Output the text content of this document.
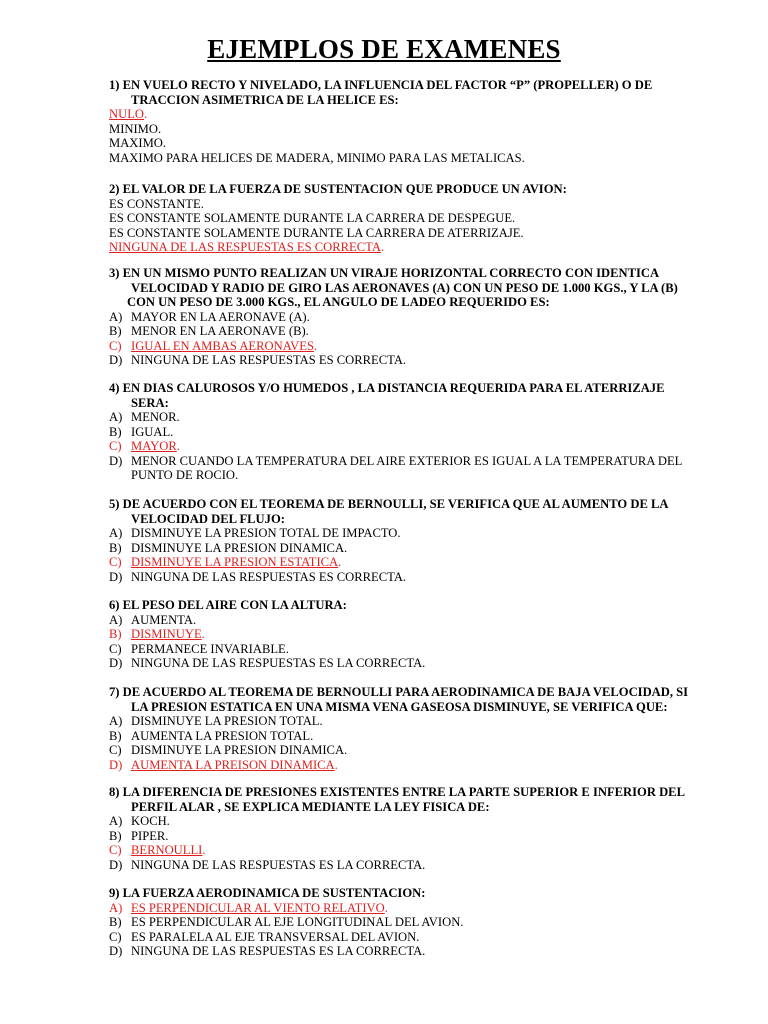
EJEMPLOS DE EXAMENES
1) EN VUELO RECTO Y NIVELADO, LA INFLUENCIA DEL FACTOR “P” (PROPELLER) O DE
TRACCION ASIMETRICA DE LA HELICE ES:
NULO.
MINIMO.
MAXIMO.
MAXIMO PARA HELICES DE MADERA, MINIMO PARA LAS METALICAS.
2) EL VALOR DE LA FUERZA DE SUSTENTACION QUE PRODUCE UN AVION:
ES CONSTANTE.
ES CONSTANTE SOLAMENTE DURANTE LA CARRERA DE DESPEGUE.
ES CONSTANTE SOLAMENTE DURANTE LA CARRERA DE ATERRIZAJE.
NINGUNA DE LAS RESPUESTAS ES CORRECTA.
3) EN UN MISMO PUNTO REALIZAN UN VIRAJE HORIZONTAL CORRECTO CON IDENTICA
VELOCIDAD Y RADIO DE GIRO LAS AERONAVES (A) CON UN PESO DE 1.000 KGS., Y LA (B)
CON UN PESO DE 3.000 KGS., EL ANGULO DE LADEO REQUERIDO ES:
A) MAYOR EN LA AERONAVE (A).
B) MENOR EN LA AERONAVE (B).
C) IGUAL EN AMBAS AERONAVES.
D) NINGUNA DE LAS RESPUESTAS ES CORRECTA.
4) EN DIAS CALUROSOS Y/O HUMEDOS , LA DISTANCIA REQUERIDA PARA EL ATERRIZAJE
SERA:
A) MENOR.
B) IGUAL.
C) MAYOR.
D) MENOR CUANDO LA TEMPERATURA DEL AIRE EXTERIOR ES IGUAL A LA TEMPERATURA DEL PUNTO DE ROCIO.
5) DE ACUERDO CON EL TEOREMA DE BERNOULLI, SE VERIFICA QUE AL AUMENTO DE LA
VELOCIDAD DEL FLUJO:
A) DISMINUYE LA PRESION TOTAL DE IMPACTO.
B) DISMINUYE LA PRESION DINAMICA.
C) DISMINUYE LA PRESION ESTATICA.
D) NINGUNA DE LAS RESPUESTAS ES CORRECTA.
6) EL PESO DEL AIRE CON LA ALTURA:
A) AUMENTA.
B) DISMINUYE.
C) PERMANECE INVARIABLE.
D) NINGUNA DE LAS RESPUESTAS ES LA CORRECTA.
7) DE ACUERDO AL TEOREMA DE BERNOULLI PARA AERODINAMICA DE BAJA VELOCIDAD, SI
LA PRESION ESTATICA EN UNA MISMA VENA GASEOSA DISMINUYE, SE VERIFICA QUE:
A) DISMINUYE LA PRESION TOTAL.
B) AUMENTA LA PRESION TOTAL.
C) DISMINUYE LA PRESION DINAMICA.
D) AUMENTA LA PREISON DINAMICA.
8) LA DIFERENCIA DE PRESIONES EXISTENTES ENTRE LA PARTE SUPERIOR E INFERIOR DEL
PERFIL ALAR , SE EXPLICA MEDIANTE LA LEY FISICA DE:
A) KOCH.
B) PIPER.
C) BERNOULLI.
D) NINGUNA DE LAS RESPUESTAS ES LA CORRECTA.
9) LA FUERZA AERODINAMICA DE SUSTENTACION:
A) ES PERPENDICULAR AL VIENTO RELATIVO.
B) ES PERPENDICULAR AL EJE LONGITUDINAL DEL AVION.
C) ES PARALELA AL EJE TRANSVERSAL DEL AVION.
D) NINGUNA DE LAS RESPUESTAS ES LA CORRECTA.
